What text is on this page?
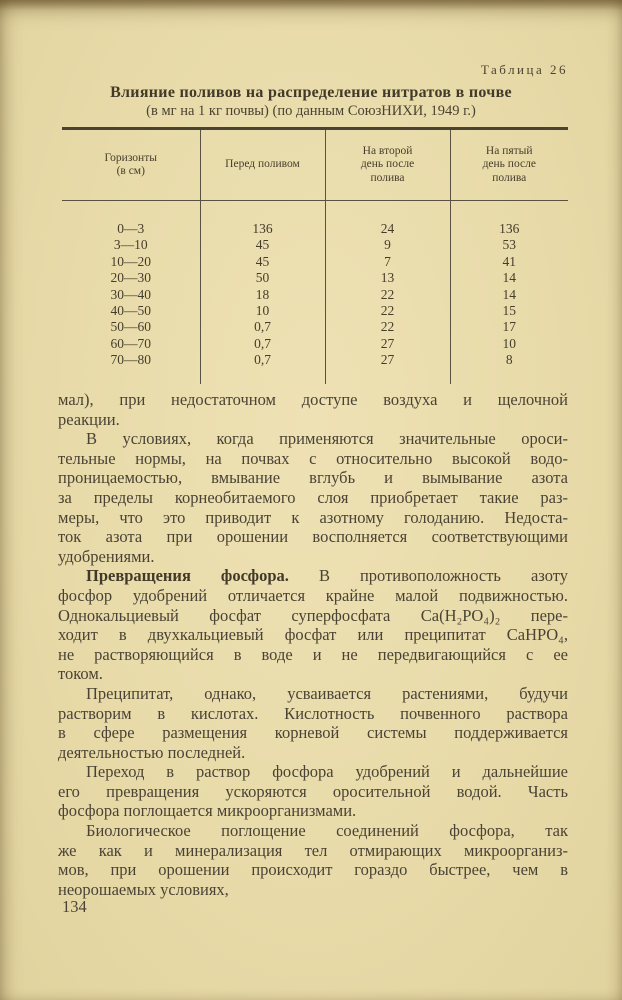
Таблица 26
Влияние поливов на распределение нитратов в почве
(в мг на 1 кг почвы) (по данным СоюзНИХИ, 1949 г.)
Горизонты
(в см)

Перед поливом

На второй
день после
полива

На пятый
день после
полива

0—3	136	24	136
3—10	45	9	53
10—20	45	7	41
20—30	50	13	14
30—40	18	22	14
40—50	10	22	15
50—60	0,7	22	17
60—70	0,7	27	10
70—80	0,7	27	8

мал), при недостаточном доступе воздуха и щелочной
реакции.
В условиях, когда применяются значительные ороси-
тельные нормы, на почвах с относительно высокой водо-
проницаемостью, вмывание вглубь и вымывание азота
за пределы корнеобитаемого слоя приобретает такие раз-
меры, что это приводит к азотному голоданию. Недоста-
ток азота при орошении восполняется соответствующими
удобрениями.
Превращения фосфора. В противоположность азоту
фосфор удобрений отличается крайне малой подвижностью.
Однокальциевый фосфат суперфосфата Ca(H₂PO₄)₂ пере-
ходит в двухкальциевый фосфат или преципитат CaHPO₄,
не растворяющийся в воде и не передвигающийся с ее
током.
Преципитат, однако, усваивается растениями, будучи
растворим в кислотах. Кислотность почвенного раствора
в сфере размещения корневой системы поддерживается
деятельностью последней.
Переход в раствор фосфора удобрений и дальнейшие
его превращения ускоряются оросительной водой. Часть
фосфора поглощается микроорганизмами.
Биологическое поглощение соединений фосфора, так
же как и минерализация тел отмирающих микроорганиз-
мов, при орошении происходит гораздо быстрее, чем в
неорошаемых условиях,
134
